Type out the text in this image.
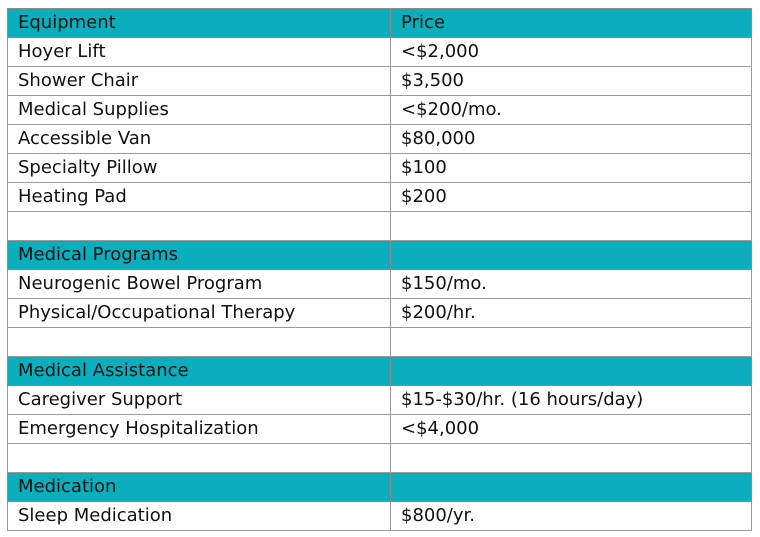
Equipment	Price
Hoyer Lift	<$2,000
Shower Chair	$3,500
Medical Supplies	<$200/mo.
Accessible Van	$80,000
Specialty Pillow	$100
Heating Pad	$200

Medical Programs	
Neurogenic Bowel Program	$150/mo.
Physical/Occupational Therapy	$200/hr.

Medical Assistance	
Caregiver Support	$15-$30/hr. (16 hours/day)
Emergency Hospitalization	<$4,000

Medication	
Sleep Medication	$800/yr.
